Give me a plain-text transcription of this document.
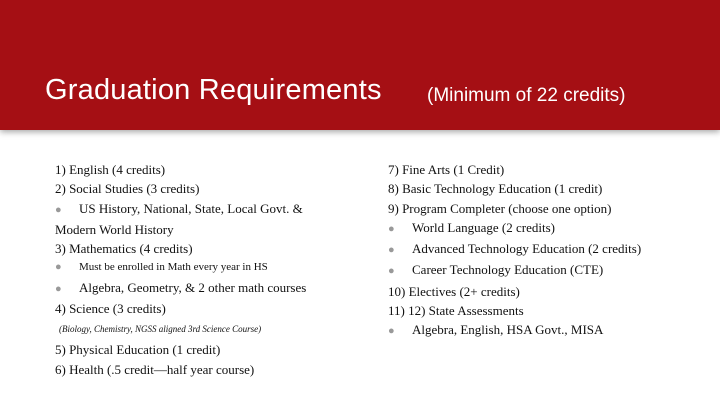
Graduation Requirements (Minimum of 22 credits)
1) English (4 credits)
2) Social Studies (3 credits)
● US History, National, State, Local Govt. &
Modern World History
3) Mathematics (4 credits)
● Must be enrolled in Math every year in HS
● Algebra, Geometry, & 2 other math courses
4) Science (3 credits)
(Biology, Chemistry, NGSS aligned 3rd Science Course)
5) Physical Education (1 credit)
6) Health (.5 credit—half year course)
7) Fine Arts (1 Credit)
8) Basic Technology Education (1 credit)
9) Program Completer (choose one option)
● World Language (2 credits)
● Advanced Technology Education (2 credits)
● Career Technology Education (CTE)
10) Electives (2+ credits)
11) 12) State Assessments
● Algebra, English, HSA Govt., MISA
